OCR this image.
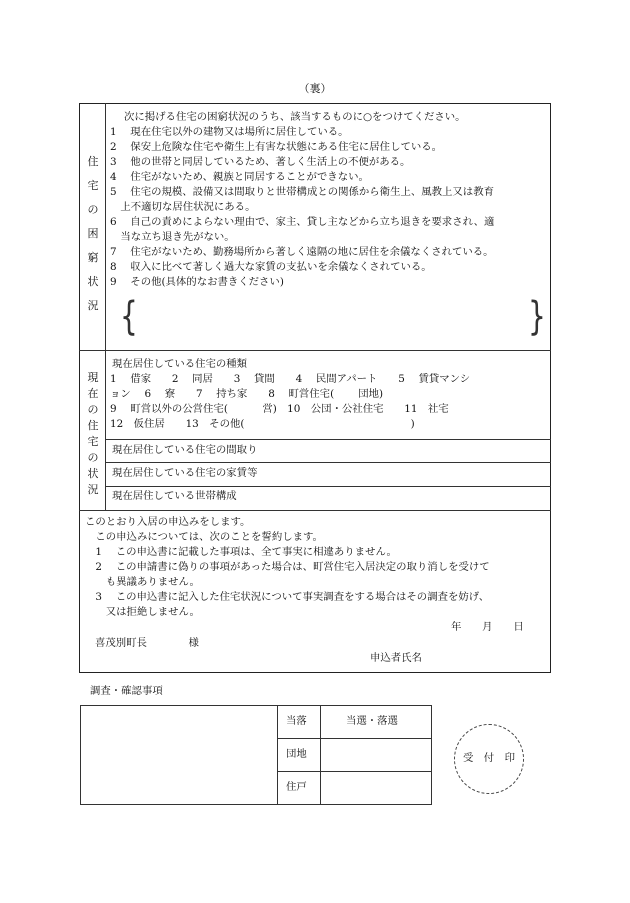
（裏）
住
宅
の
困
窮
状
況
次に掲げる住宅の困窮状況のうち、該当するものに○をつけてください。
1　 現在住宅以外の建物又は場所に居住している。
2　 保安上危険な住宅や衛生上有害な状態にある住宅に居住している。
3　 他の世帯と同居しているため、著しく生活上の不便がある。
4　 住宅がないため、親族と同居することができない。
5　 住宅の規模、設備又は間取りと世帯構成との関係から衛生上、風教上又は教育
　上不適切な居住状況にある。
6　 自己の責めによらない理由で、家主、貸し主などから立ち退きを要求され、適
　当な立ち退き先がない。
7　 住宅がないため、勤務場所から著しく遠隔の地に居住を余儀なくされている。
8　 収入に比べて著しく過大な家賃の支払いを余儀なくされている。
9　 その他(具体的なお書きください)
{	}
現
在
の
住
宅
の
状
況
現在居住している住宅の種類
1　 借家　　2　 同居　　3　 貸間　　4　 民間アパート　　5　 賃貸マンシ
ョン　 6　 寮　　7　 持ち家　　8　 町営住宅(　　 団地)
9　 町営以外の公営住宅(　　　 営)　10　公団・公社住宅　　11　社宅
12　仮住居　　13　その他(　　　　　　　　　　　　　　　　)
現在居住している住宅の間取り
現在居住している住宅の家賃等
現在居住している世帯構成
このとおり入居の申込みをします。
　この申込みについては、次のことを誓約します。
　1　 この申込書に記載した事項は、全て事実に相違ありません。
　2　 この申請書に偽りの事項があった場合は、町営住宅入居決定の取り消しを受けて
　　も異議ありません。
　3　 この申込書に記入した住宅状況について事実調査をする場合はその調査を妨げ、
　　又は拒絶しません。
年　　月　　日
喜茂別町長　　　　様
申込者氏名
調査・確認事項
当落	当選・落選
団地
住戸
受　付　印
